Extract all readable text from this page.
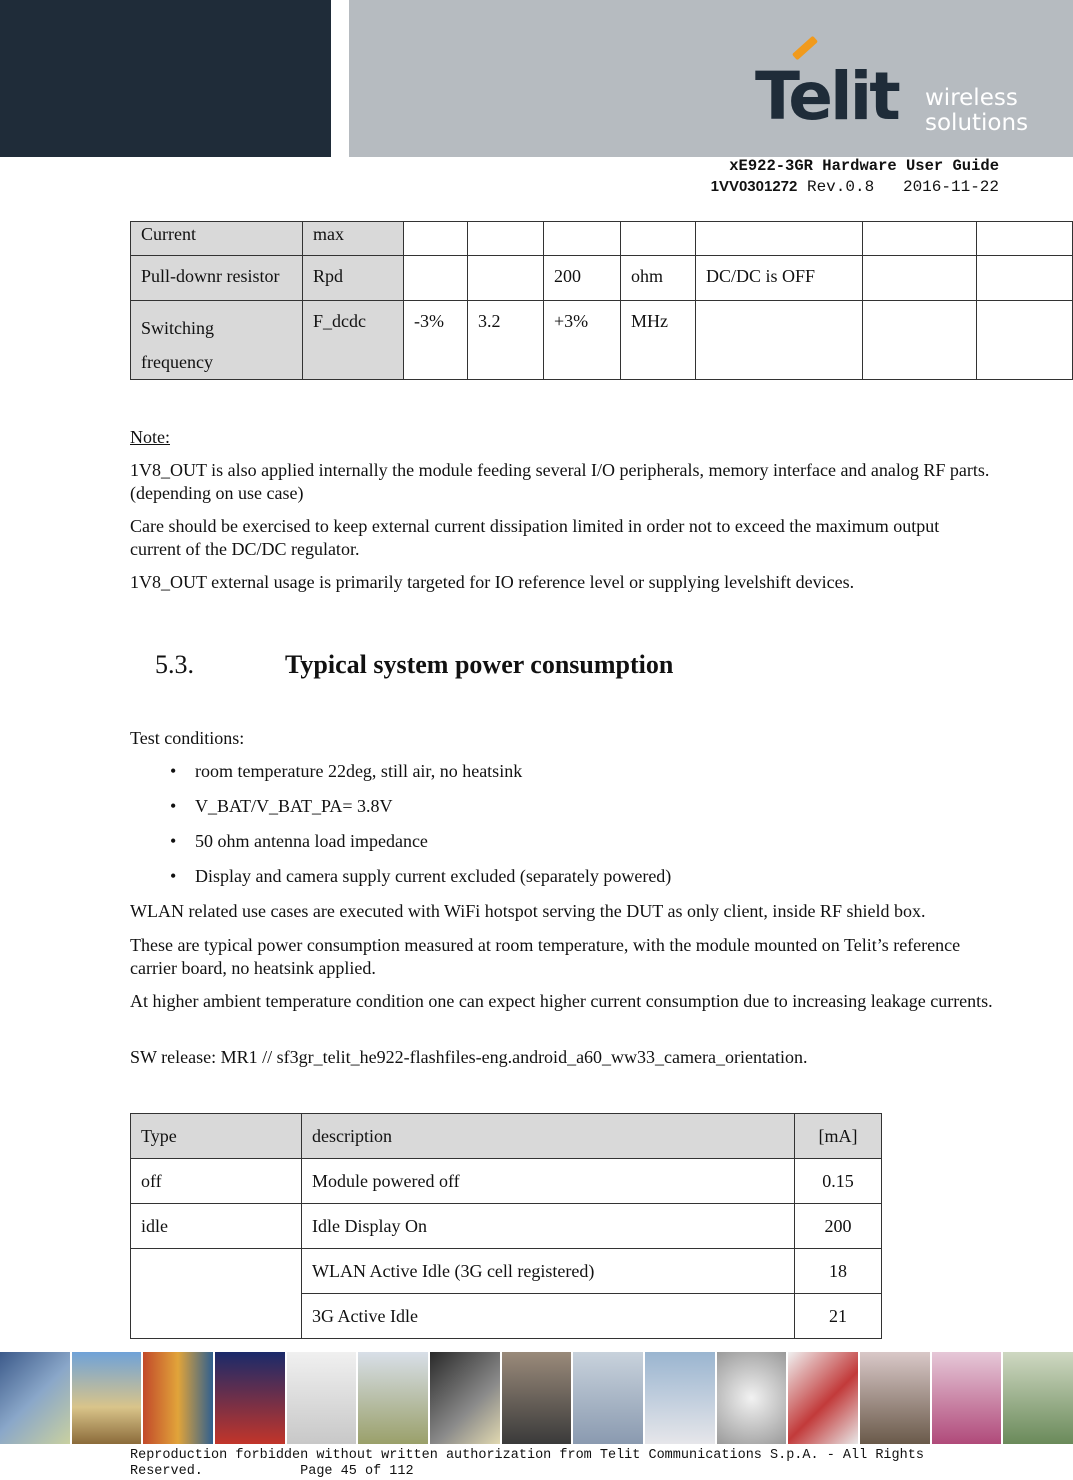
Telit wireless
solutions
xE922-3GR Hardware User Guide
1VV0301272 Rev.0.8   2016-11-22
Current	max							
Pull-downr resistor	Rpd			200	ohm	DC/DC is OFF		
Switching frequency	F_dcdc	-3%	3.2	+3%	MHz			
Note:
1V8_OUT is also applied internally the module feeding several I/O peripherals, memory interface and analog RF parts. (depending on use case)
Care should be exercised to keep external current dissipation limited in order not to exceed the maximum output current of the DC/DC regulator.
1V8_OUT external usage is primarily targeted for IO reference level or supplying levelshift devices.
5.3.	Typical system power consumption
Test conditions:
• room temperature 22deg, still air, no heatsink
• V_BAT/V_BAT_PA= 3.8V
• 50 ohm antenna load impedance
• Display and camera supply current excluded (separately powered)
WLAN related use cases are executed with WiFi hotspot serving the DUT as only client, inside RF shield box.
These are typical power consumption measured at room temperature, with the module mounted on Telit’s reference carrier board, no heatsink applied.
At higher ambient temperature condition one can expect higher current consumption due to increasing leakage currents.
SW release: MR1 // sf3gr_telit_he922-flashfiles-eng.android_a60_ww33_camera_orientation.
Type	description	[mA]
off	Module powered off	0.15
idle	Idle Display On	200
	WLAN Active Idle (3G cell registered)	18
	3G Active Idle	21
Reproduction forbidden without written authorization from Telit Communications S.p.A. - All Rights
Reserved.            Page 45 of 112
